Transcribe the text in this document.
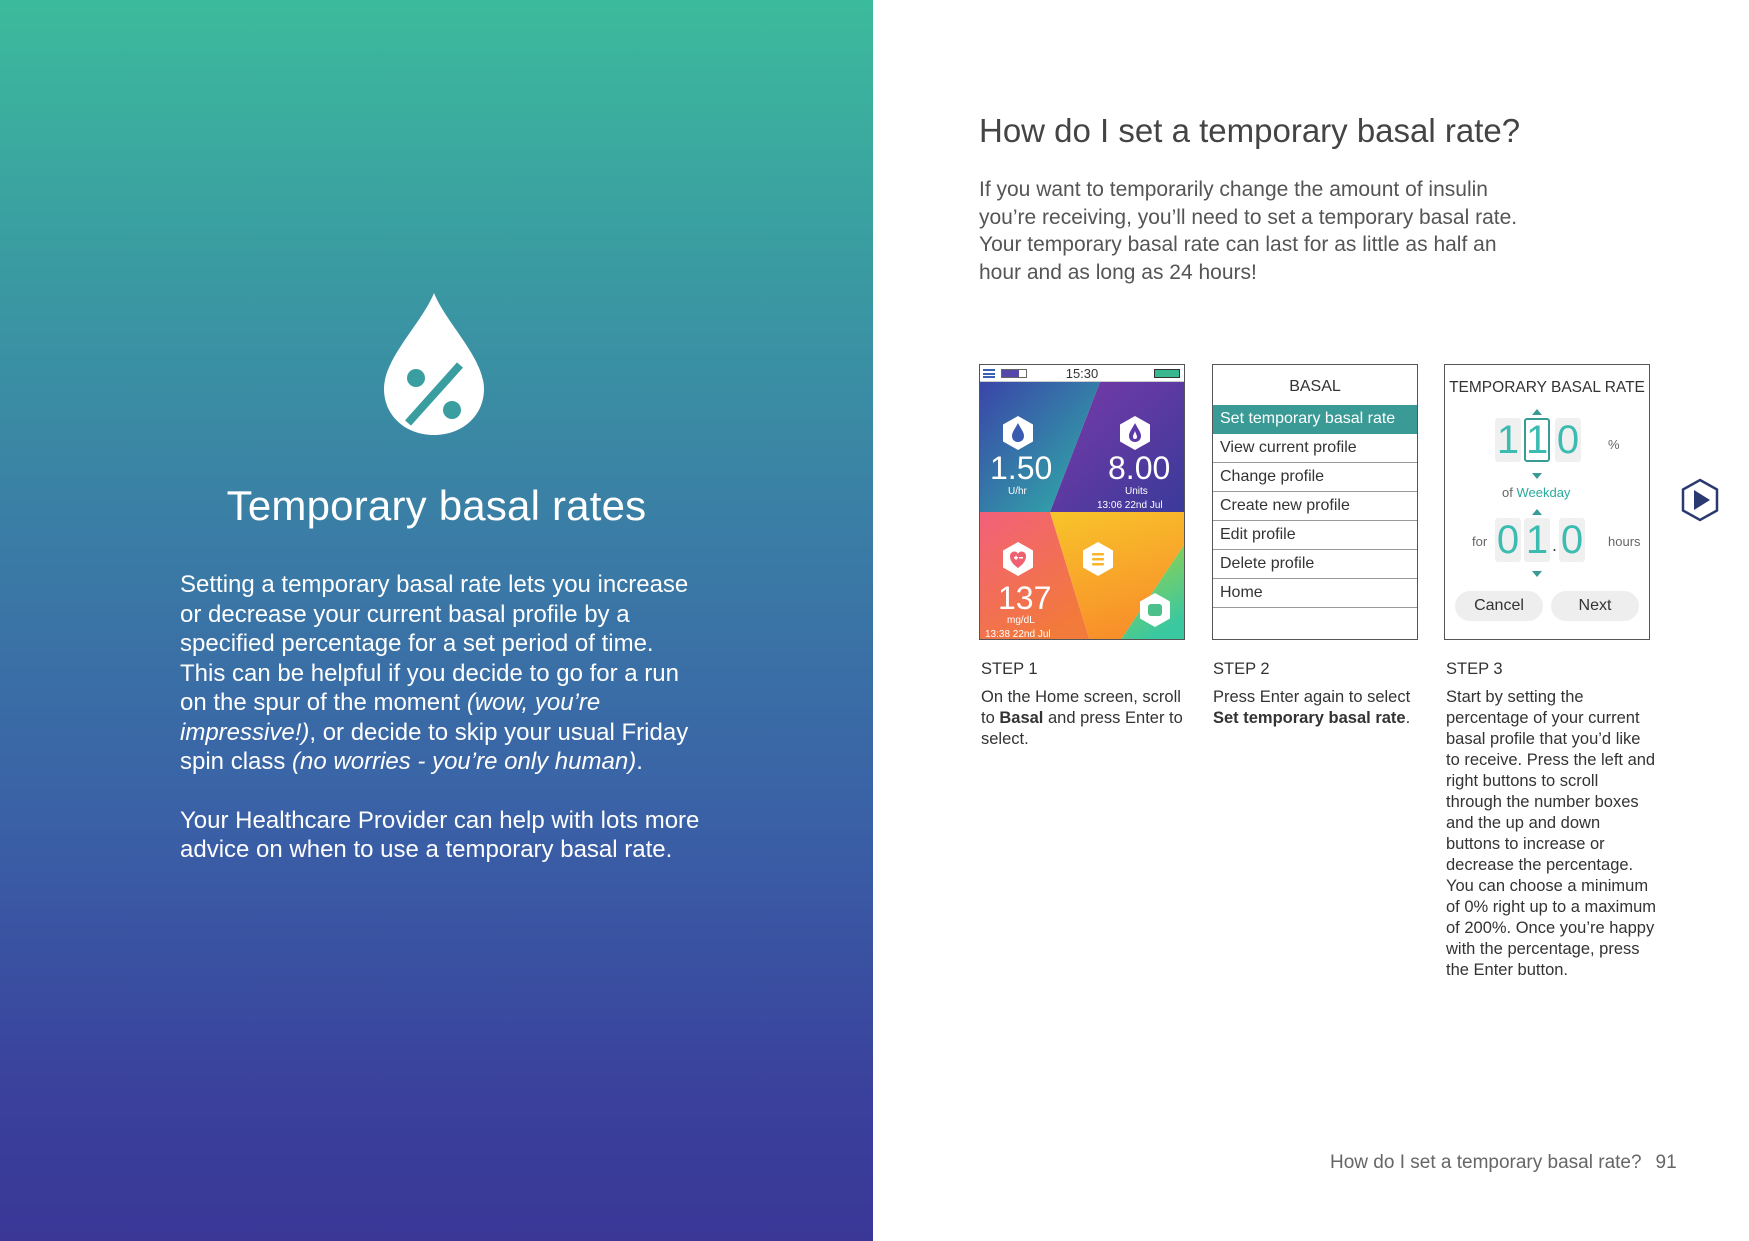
Temporary basal rates

Setting a temporary basal rate lets you increase or decrease your current basal profile by a specified percentage for a set period of time. This can be helpful if you decide to go for a run on the spur of the moment (wow, you’re impressive!), or decide to skip your usual Friday spin class (no worries - you’re only human).

Your Healthcare Provider can help with lots more advice on when to use a temporary basal rate.

How do I set a temporary basal rate?
If you want to temporarily change the amount of insulin you’re receiving, you’ll need to set a temporary basal rate. Your temporary basal rate can last for as little as half an hour and as long as 24 hours!
15:30
1.50
U/hr
8.00
Units
13:06 22nd Jul
137
mg/dL
13:38 22nd Jul
BASAL
Set temporary basal rate
View current profile
Change profile
Create new profile
Edit profile
Delete profile
Home
TEMPORARY BASAL RATE
1 1 0 %
of Weekday
for 0 1 . 0 hours
Cancel	Next
STEP 1
On the Home screen, scroll to Basal and press Enter to select.
STEP 2
Press Enter again to select Set temporary basal rate.
STEP 3
Start by setting the percentage of your current basal profile that you’d like to receive. Press the left and right buttons to scroll through the number boxes and the up and down buttons to increase or decrease the percentage. You can choose a minimum of 0% right up to a maximum of 200%. Once you’re happy with the percentage, press the Enter button.
How do I set a temporary basal rate? 91
